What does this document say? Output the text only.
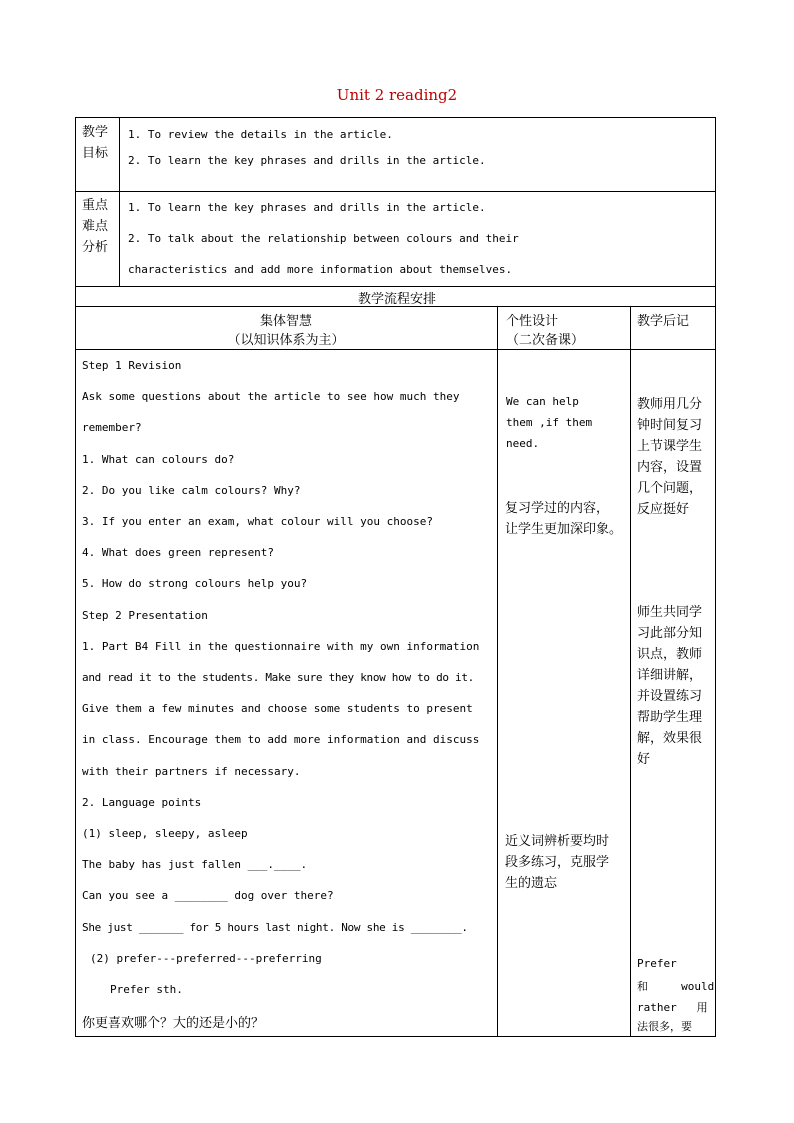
Unit 2 reading2
教学
目标
1. To review the details in the article.
2. To learn the key phrases and drills in the article.
重点
难点
分析
1. To learn the key phrases and drills in the article.
2. To talk about the relationship between colours and their
characteristics and add more information about themselves.
教学流程安排
集体智慧
（以知识体系为主）
个性设计
（二次备课）
教学后记
Step 1 Revision
Ask some questions about the article to see how much they
remember?
1. What can colours do?
2. Do you like calm colours? Why?
3. If you enter an exam, what colour will you choose?
4. What does green represent?
5. How do strong colours help you?
Step 2 Presentation
1. Part B4 Fill in the questionnaire with my own information
and read it to the students. Make sure they know how to do it.
Give them a few minutes and choose some students to present
in class. Encourage them to add more information and discuss
with their partners if necessary.
2. Language points
(1) sleep, sleepy, asleep
The baby has just fallen ___.____.
Can you see a ________ dog over there?
She just _______ for 5 hours last night. Now she is ________.
(2) prefer---preferred---preferring
Prefer sth.
你更喜欢哪个？大的还是小的？
We can help
them ,if them
need.
复习学过的内容，
让学生更加深印象。
近义词辨析要均时
段多练习，克服学
生的遗忘
教师用几分
钟时间复习
上节课学生
内容，设置
几个问题，
反应挺好
师生共同学
习此部分知
识点，教师
详细讲解，
并设置练习
帮助学生理
解，效果很
好
Prefer
和     would
rather   用
法很多，要
